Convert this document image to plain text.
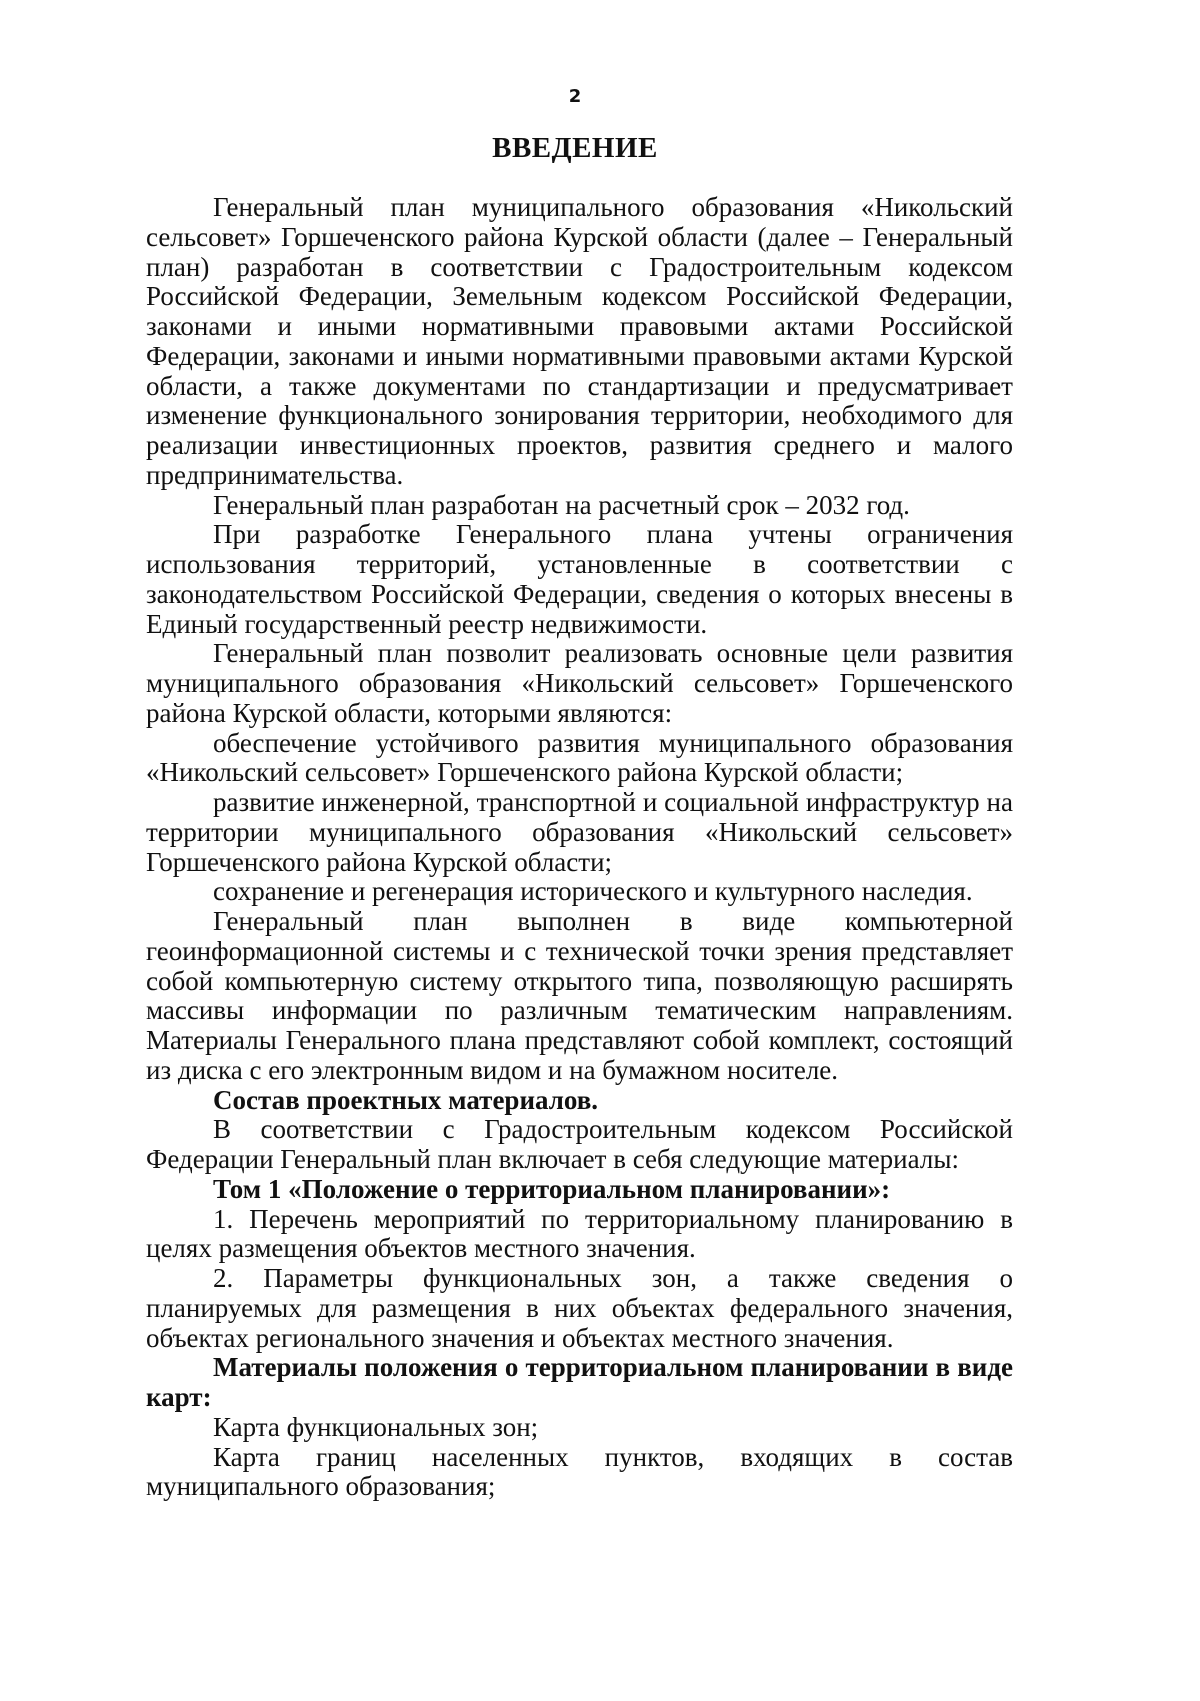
2
ВВЕДЕНИЕ

Генеральный план муниципального образования «Никольский сельсовет» Горшеченского района Курской области (далее – Генеральный план) разработан в соответствии с Градостроительным кодексом Российской Федерации, Земельным кодексом Российской Федерации, законами и иными нормативными правовыми актами Российской Федерации, законами и иными нормативными правовыми актами Курской области, а также документами по стандартизации и предусматривает изменение функционального зонирования территории, необходимого для реализации инвестиционных проектов, развития среднего и малого предпринимательства.

Генеральный план разработан на расчетный срок – 2032 год.

При разработке Генерального плана учтены ограничения использования территорий, установленные в соответствии с законодательством Российской Федерации, сведения о которых внесены в Единый государственный реестр недвижимости.

Генеральный план позволит реализовать основные цели развития муниципального образования «Никольский сельсовет» Горшеченского района Курской области, которыми являются:

обеспечение устойчивого развития муниципального образования «Никольский сельсовет» Горшеченского района Курской области;

развитие инженерной, транспортной и социальной инфраструктур на территории муниципального образования «Никольский сельсовет» Горшеченского района Курской области;

сохранение и регенерация исторического и культурного наследия.

Генеральный план выполнен в виде компьютерной геоинформационной системы и с технической точки зрения представляет собой компьютерную систему открытого типа, позволяющую расширять массивы информации по различным тематическим направлениям. Материалы Генерального плана представляют собой комплект, состоящий из диска с его электронным видом и на бумажном носителе.

Состав проектных материалов.

В соответствии с Градостроительным кодексом Российской Федерации Генеральный план включает в себя следующие материалы:

Том 1 «Положение о территориальном планировании»:

1. Перечень мероприятий по территориальному планированию в целях размещения объектов местного значения.

2. Параметры функциональных зон, а также сведения о планируемых для размещения в них объектах федерального значения, объектах регионального значения и объектах местного значения.

Материалы положения о территориальном планировании в виде карт:

Карта функциональных зон;

Карта границ населенных пунктов, входящих в состав муниципального образования;
